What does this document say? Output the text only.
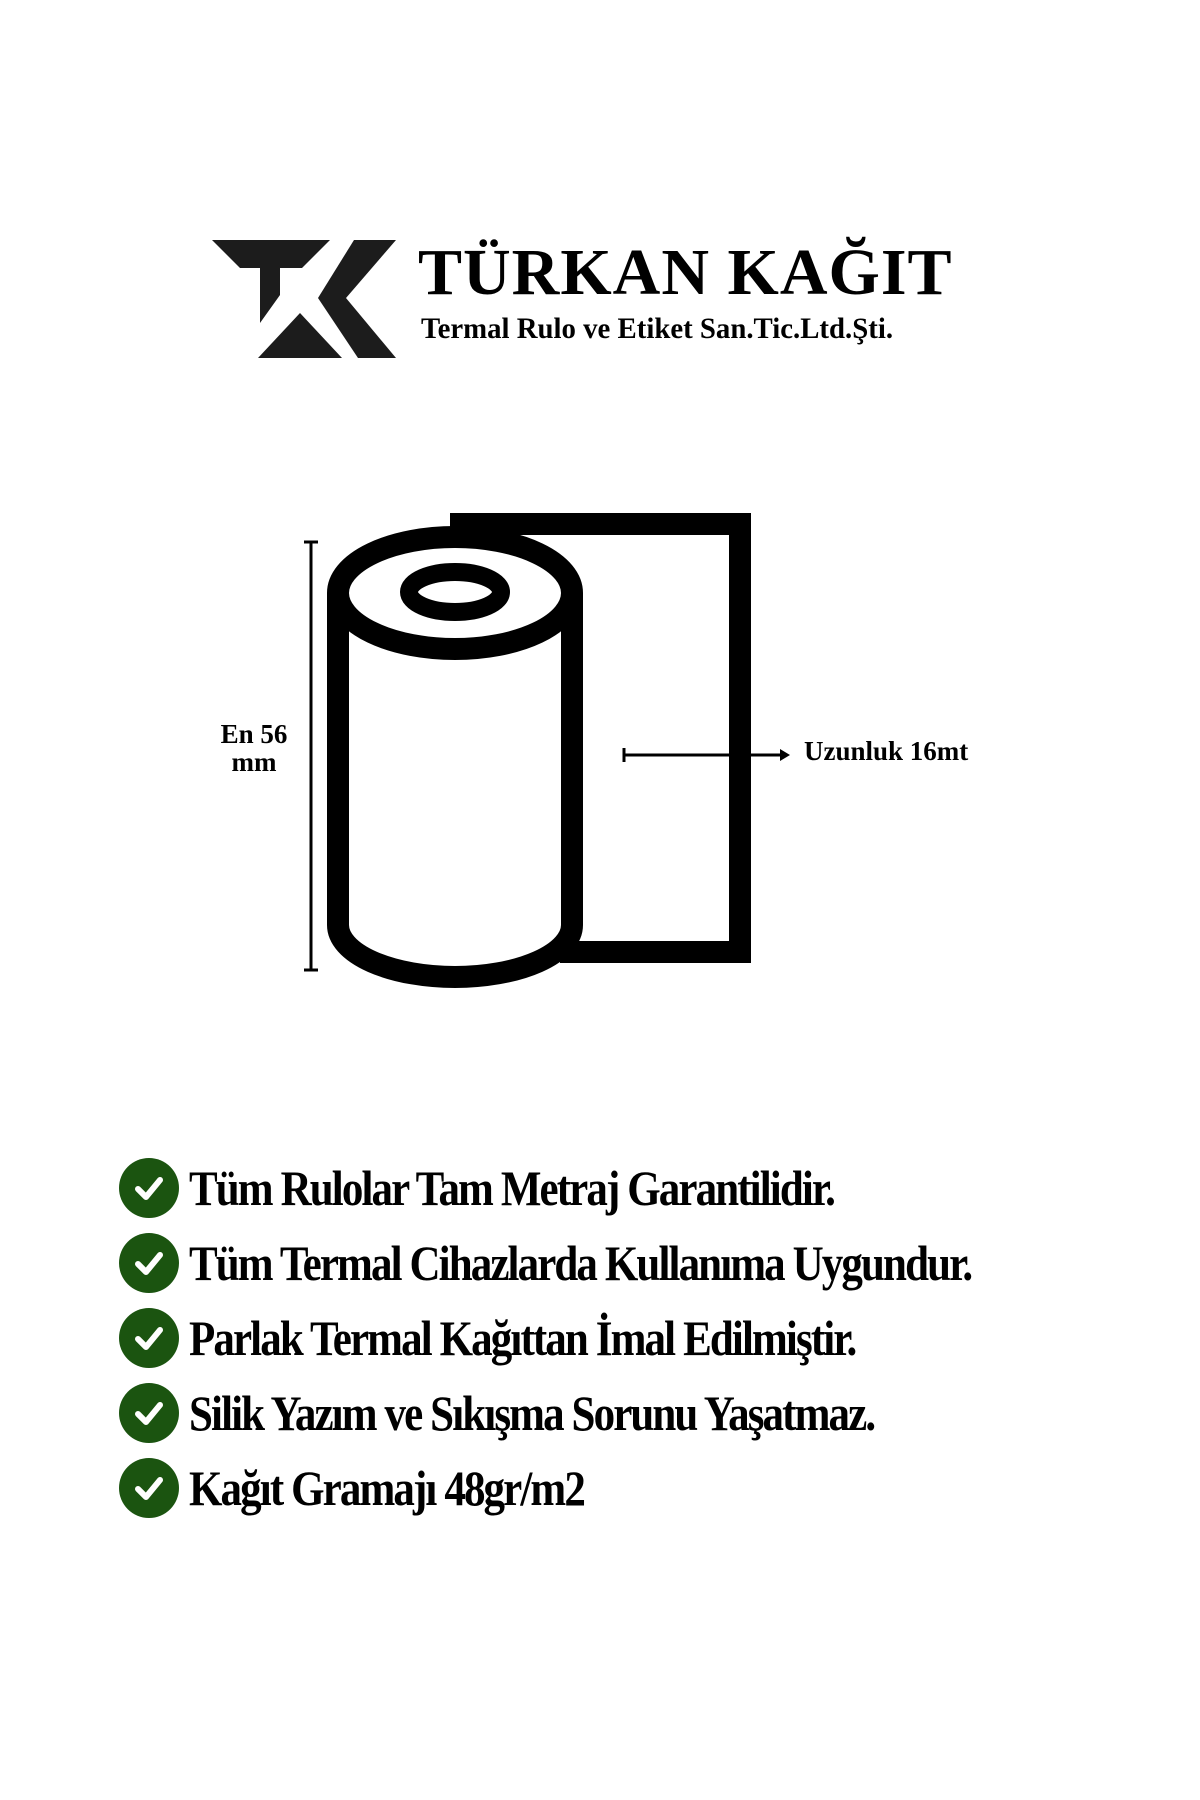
TÜRKAN KAĞIT
Termal Rulo ve Etiket San.Tic.Ltd.Şti.
En 56
mm	Uzunluk 16mt
Tüm Rulolar Tam Metraj Garantilidir.
Tüm Termal Cihazlarda Kullanıma Uygundur.
Parlak Termal Kağıttan İmal Edilmiştir.
Silik Yazım ve Sıkışma Sorunu Yaşatmaz.
Kağıt Gramajı 48gr/m2
